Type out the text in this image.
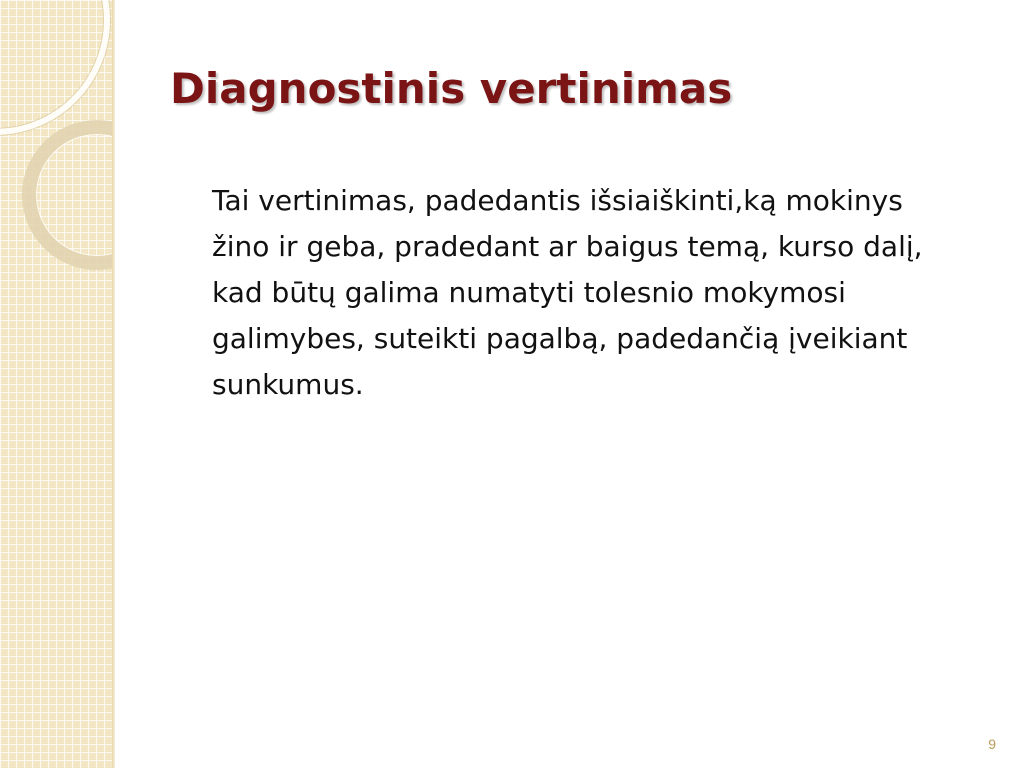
Diagnostinis vertinimas

Tai vertinimas, padedantis išsiaiškinti,ką mokinys
žino ir geba, pradedant ar baigus temą, kurso dalį,
kad būtų galima numatyti tolesnio mokymosi
galimybes, suteikti pagalbą, padedančią įveikiant
sunkumus.

9
